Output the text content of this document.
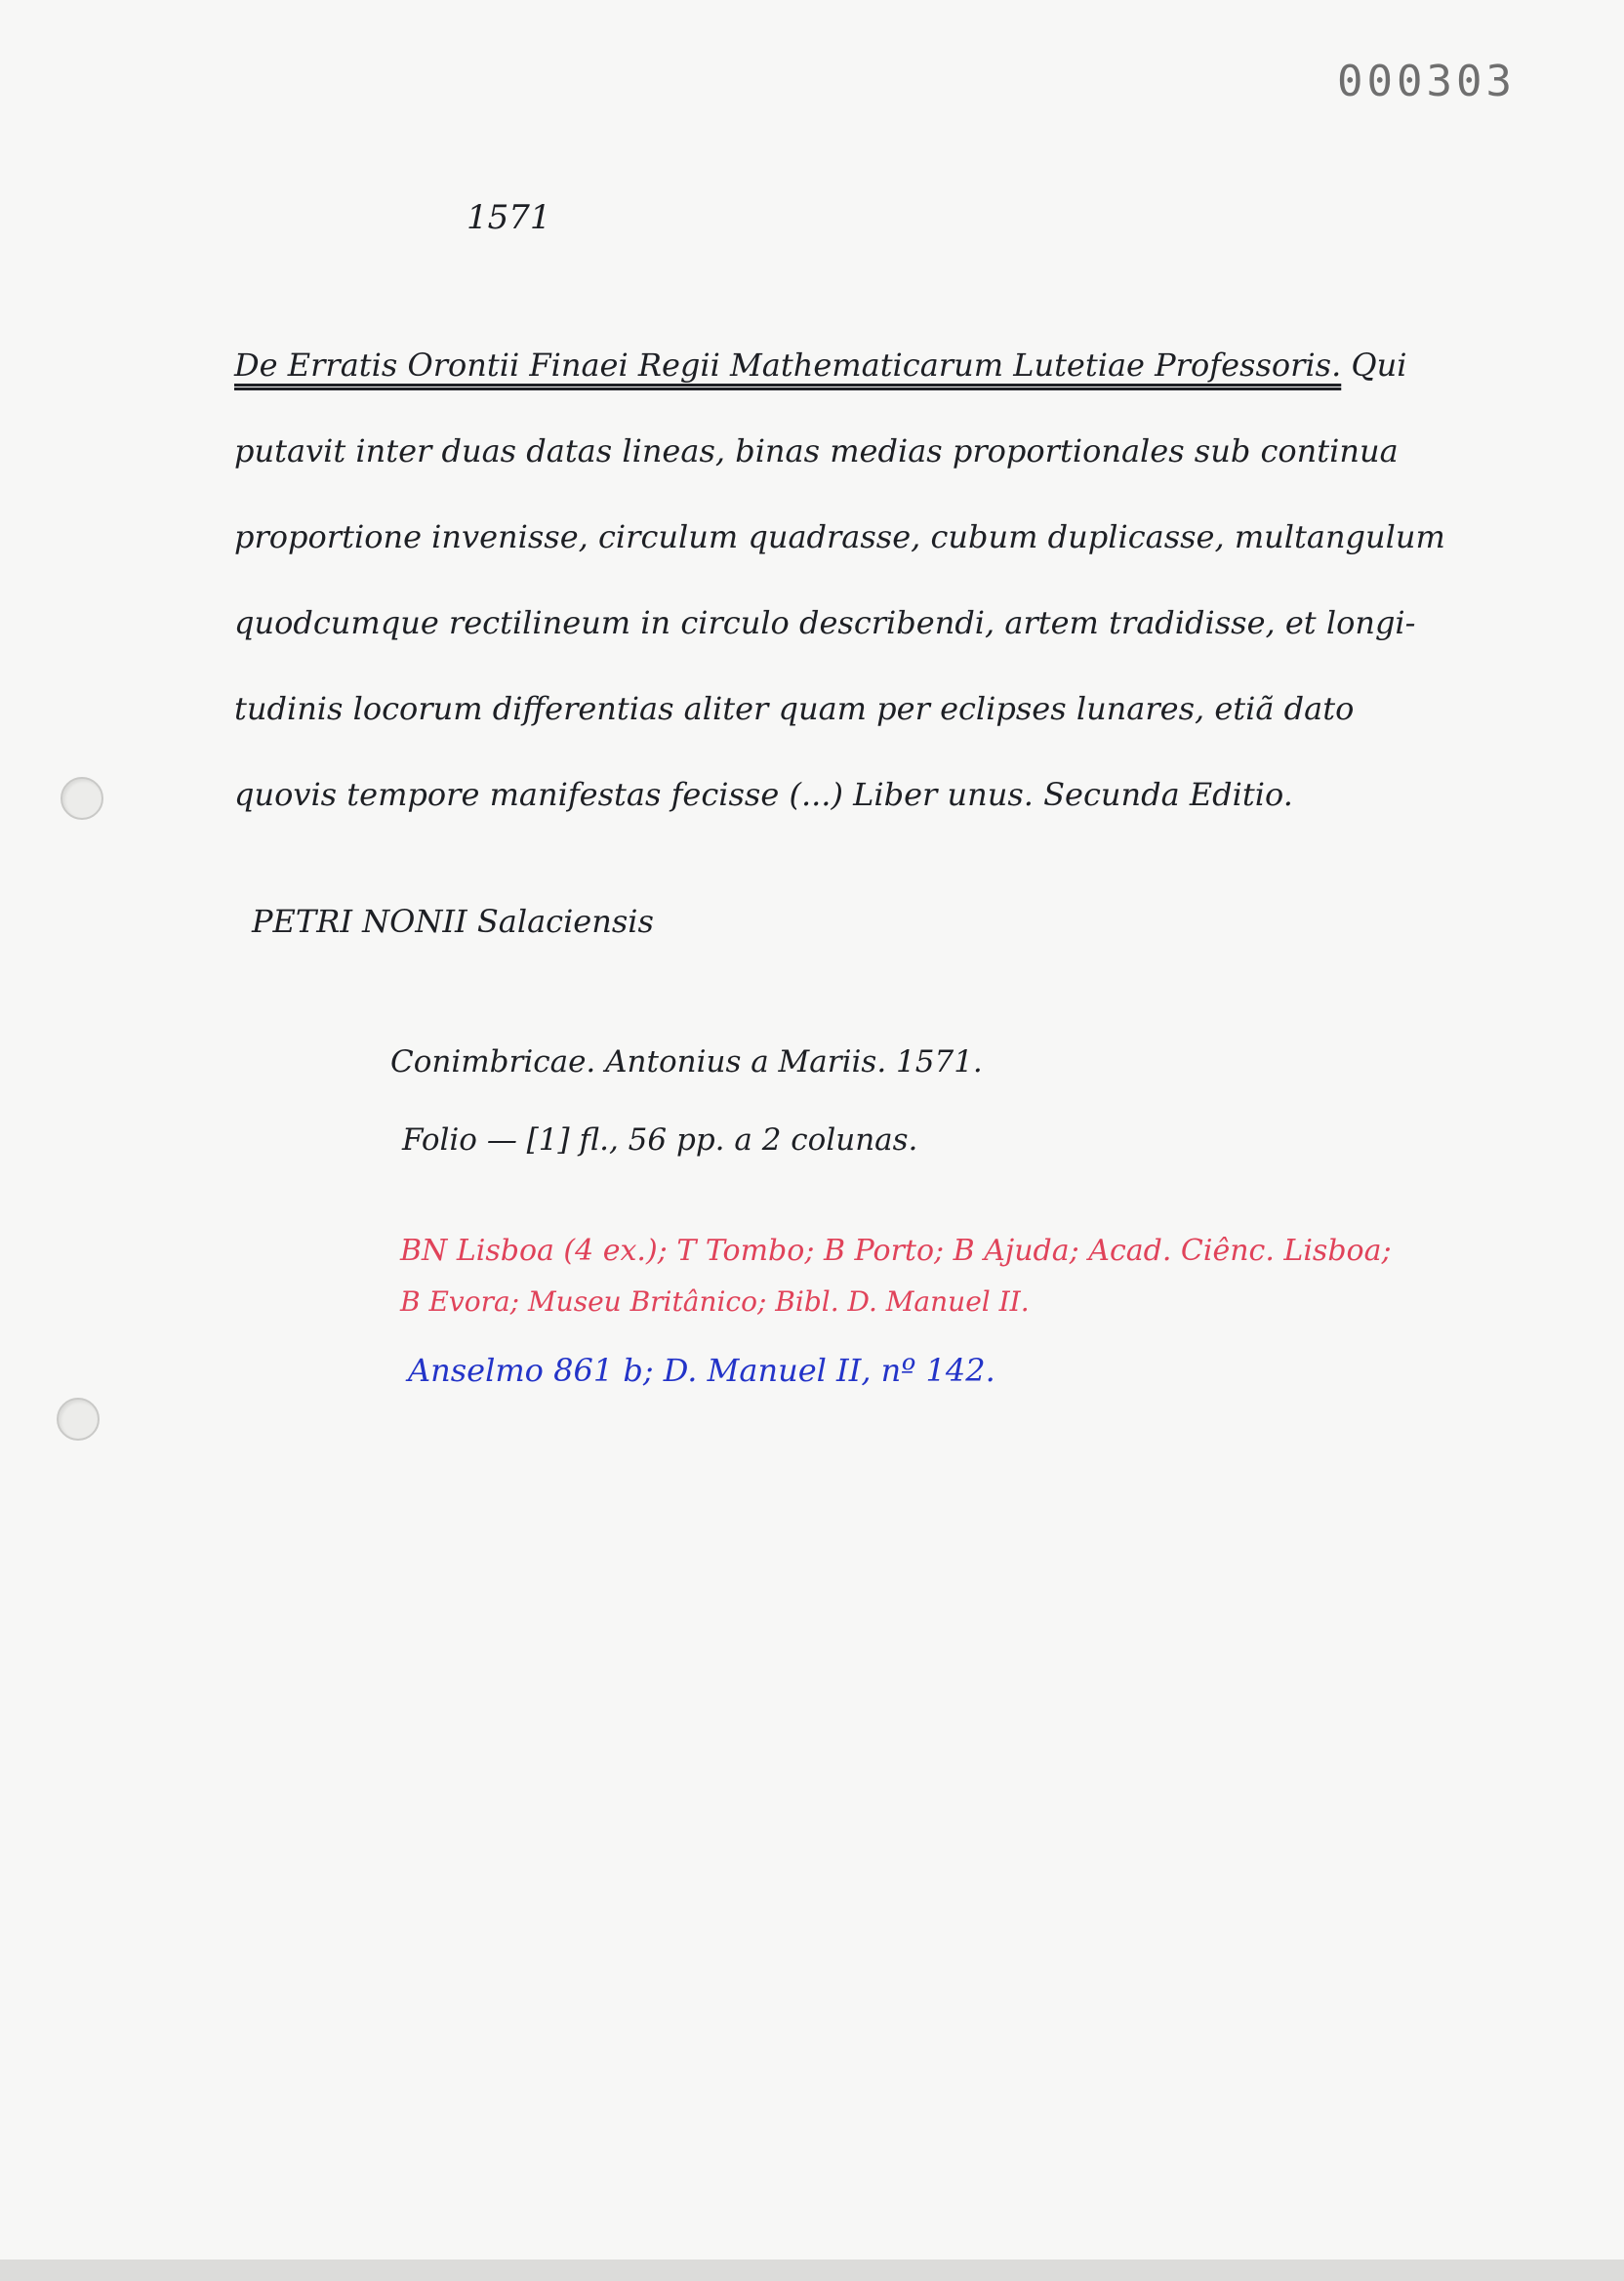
000303
1571
De Erratis Orontii Finaei Regii Mathematicarum Lutetiae Professoris. Qui
putavit inter duas datas lineas, binas medias proportionales sub continua
proportione invenisse, circulum quadrasse, cubum duplicasse, multangulum
quodcumque rectilineum in circulo describendi, artem tradidisse, et longi-
tudinis locorum differentias aliter quam per eclipses lunares, etiã dato
quovis tempore manifestas fecisse (...) Liber unus. Secunda Editio.
PETRI NONII Salaciensis
Conimbricae. Antonius a Mariis. 1571.
Folio — [1] fl., 56 pp. a 2 colunas.
BN Lisboa (4 ex.); T Tombo; B Porto; B Ajuda; Acad. Ciênc. Lisboa;
B Evora; Museu Britânico; Bibl. D. Manuel II.
Anselmo 861 b; D. Manuel II, nº 142.
